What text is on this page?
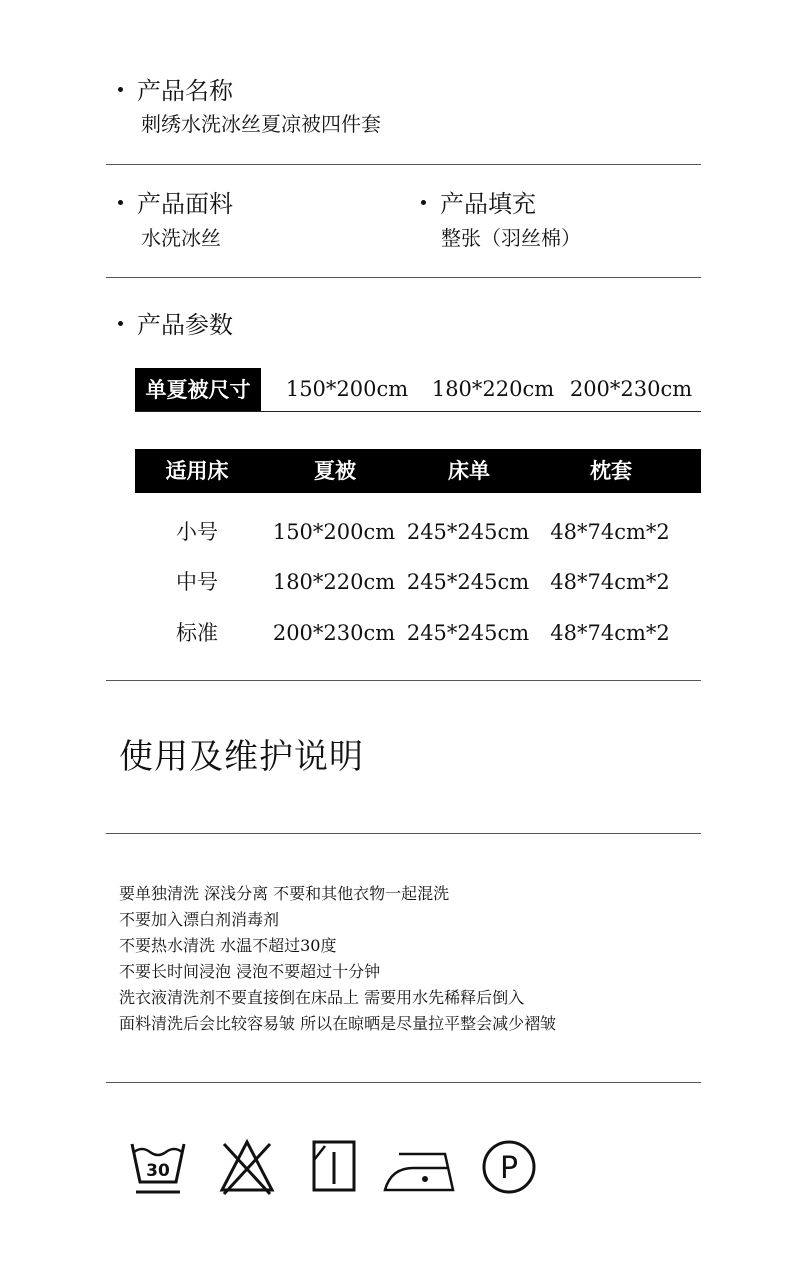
产品名称
刺绣水洗冰丝夏凉被四件套
产品面料
水洗冰丝
产品填充
整张（羽丝棉）
产品参数
单夏被尺寸	150*200cm	180*220cm 200*230cm
适用床	夏被	床单	枕套
小号	150*200cm 245*245cm	48*74cm*2
中号	180*220cm 245*245cm	48*74cm*2
标准	200*230cm 245*245cm	48*74cm*2
使用及维护说明
要单独清洗 深浅分离 不要和其他衣物一起混洗
不要加入漂白剂消毒剂
不要热水清洗 水温不超过30度
不要长时间浸泡 浸泡不要超过十分钟
洗衣液清洗剂不要直接倒在床品上 需要用水先稀释后倒入
面料清洗后会比较容易皱 所以在晾晒是尽量拉平整会减少褶皱
30	P
